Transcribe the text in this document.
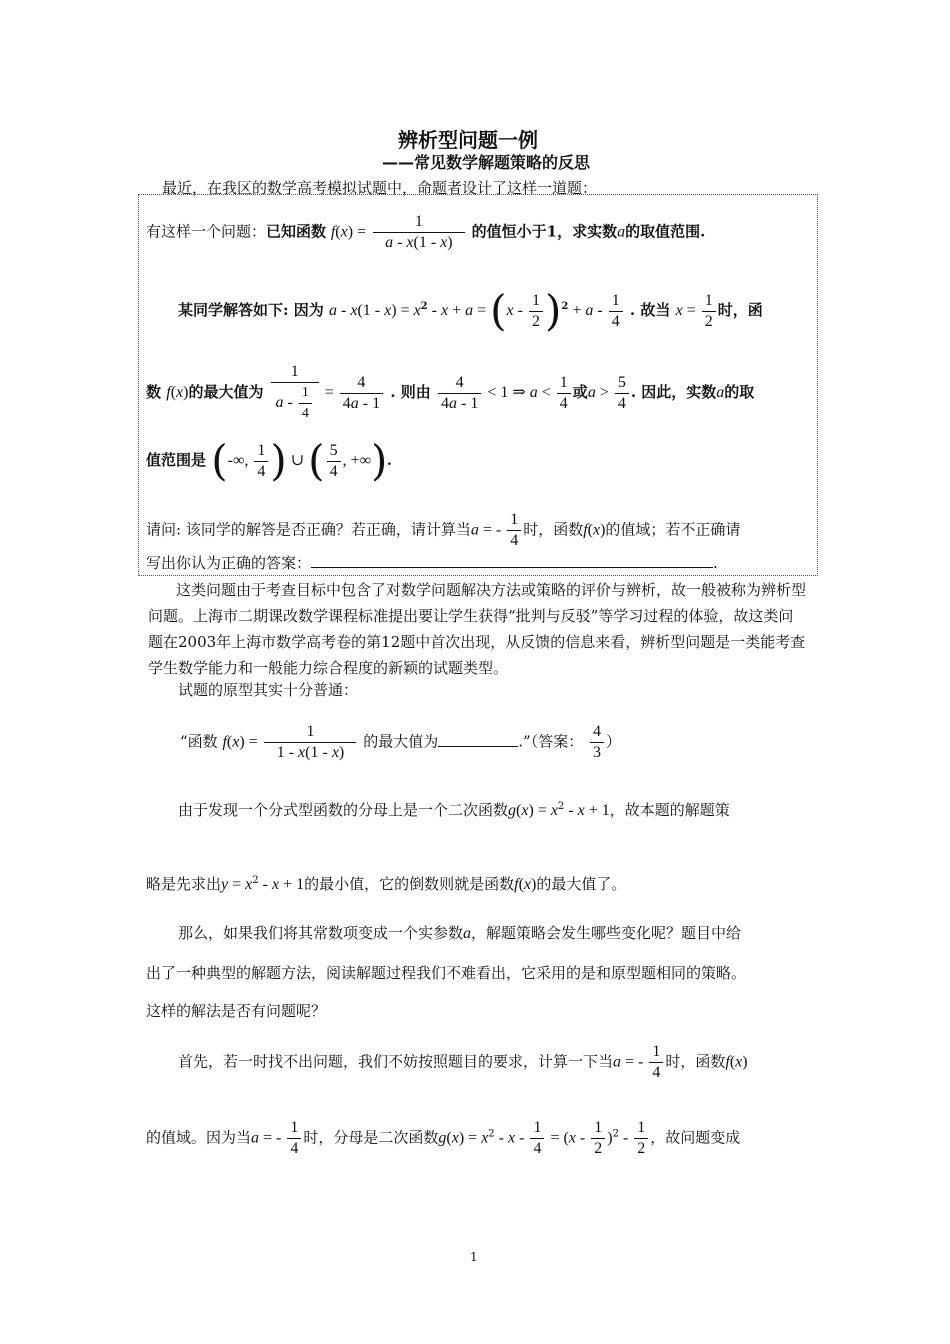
辨析型问题一例
——常见数学解题策略的反思
最近，在我区的数学高考模拟试题中，命题者设计了这样一道题：
有这样一个问题：已知函数 $f(x) = \frac{1}{a - x(1 - x)}$ 的值恒小于1，求实数a的取值范围.
某同学解答如下: 因为 $a - x(1 - x) = x^2 - x + a = (x - \frac{1}{2} )^2 + a - \frac{1}{4}$ . 故当 $x = \frac{1}{2}$ 时，函
数 f(x)的最大值为 $\frac{1}{a - \frac{1}{4}} = \frac{4}{4a - 1}$ . 则由 $\frac{4}{4a - 1} < 1$ ⇒ $a < \frac{1}{4}$ 或$a > \frac{5}{4}$ . 因此，实数a的取
值范围是 (-∞, $\frac{1}{4}$ ) ∪ ( $\frac{5}{4}$ , +∞).
请问: 该同学的解答是否正确？若正确，请计算当a = - $\frac{1}{4}$ 时，函数f(x)的值域；若不正确请
写出你认为正确的答案：	.
这类问题由于考查目标中包含了对数学问题解决方法或策略的评价与辨析，故一般被称为辨析型问题。上海市二期课改数学课程标准提出要让学生获得“批判与反驳”等学习过程的体验，故这类问题在2003年上海市数学高考卷的第12题中首次出现，从反馈的信息来看，辨析型问题是一类能考查学生数学能力和一般能力综合程度的新颖的试题类型。
试题的原型其实十分普通：
“函数 $f(x) = \frac{1}{1 - x(1 - x)}$ 的最大值为	.”（答案： $\frac{4}{3}$ ）
由于发现一个分式型函数的分母上是一个二次函数$g(x) = x^2 - x + 1$，故本题的解题策
略是先求出$y = x^2 - x + 1$的最小值，它的倒数则就是函数f(x)的最大值了。
那么，如果我们将其常数项变成一个实参数a，解题策略会发生哪些变化呢？题目中给
出了一种典型的解题方法，阅读解题过程我们不难看出，它采用的是和原型题相同的策略。
这样的解法是否有问题呢？
首先，若一时找不出问题，我们不妨按照题目的要求，计算一下当a = - $\frac{1}{4}$ 时，函数f(x)
的值域。因为当a = - $\frac{1}{4}$ 时，分母是二次函数$g(x) = x^2 - x - \frac{1}{4} = (x - \frac{1}{2} )^2 - \frac{1}{2}$ ，故问题变成
1
